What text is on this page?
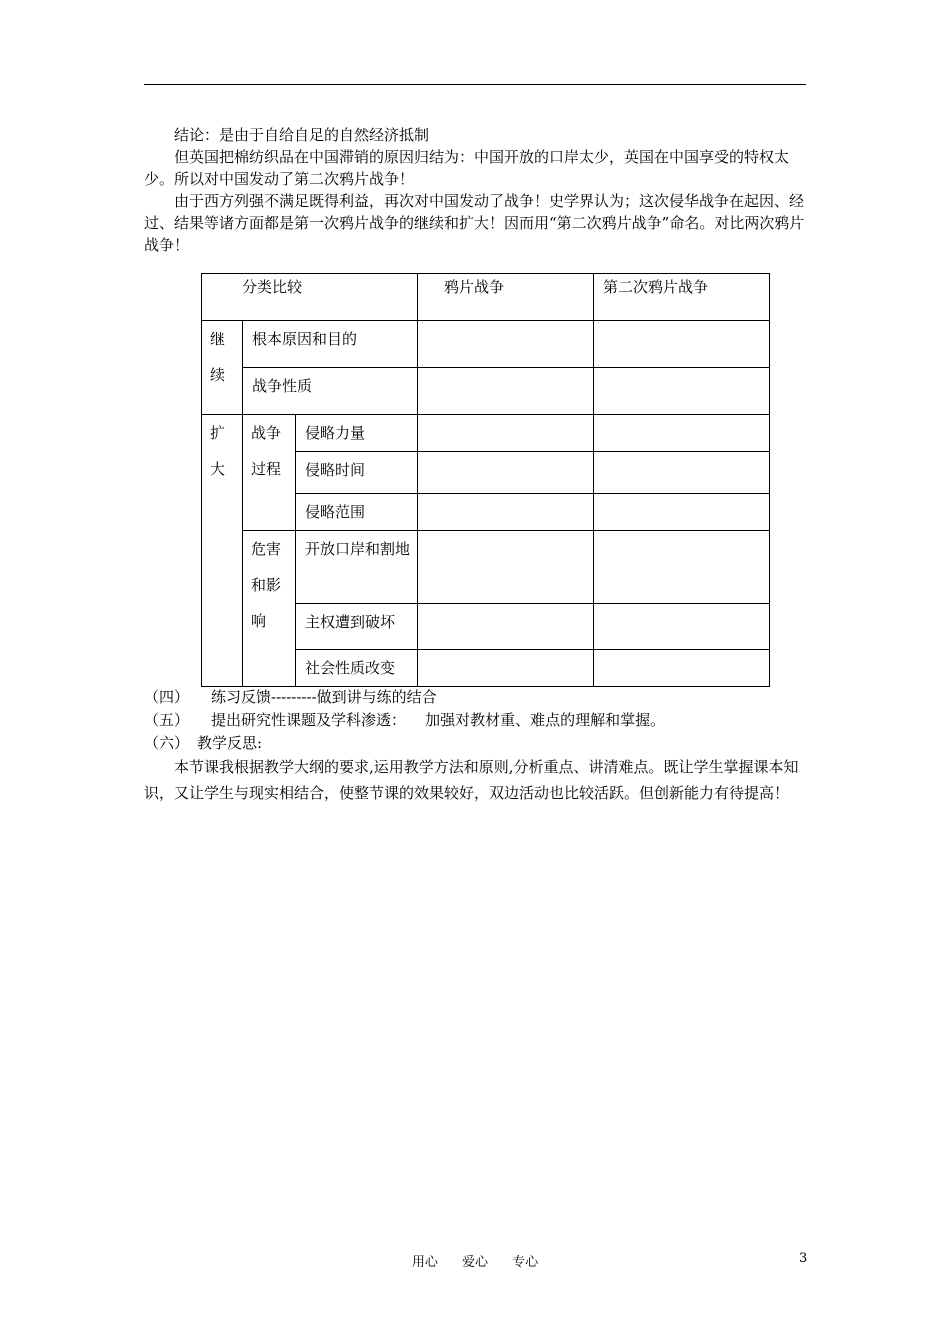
结论：是由于自给自足的自然经济抵制

但英国把棉纺织品在中国滞销的原因归结为：中国开放的口岸太少，英国在中国享受的特权太少。所以对中国发动了第二次鸦片战争！

由于西方列强不满足既得利益，再次对中国发动了战争！史学界认为；这次侵华战争在起因、经过、结果等诸方面都是第一次鸦片战争的继续和扩大！因而用“第二次鸦片战争”命名。对比两次鸦片战争！

分类比较			鸦片战争	第二次鸦片战争

继续	根本原因和目的			
	战争性质			

扩大	战争过程	侵略力量		
		侵略时间		
		侵略范围		

	危害和影响	开放口岸和割地		

		主权遭到破坏		
		社会性质改变		
（四） 练习反馈---------做到讲与练的结合
（五） 提出研究性课题及学科渗透：    加强对教材重、难点的理解和掌握。
（六） 教学反思:

本节课我根据教学大纲的要求,运用教学方法和原则,分析重点、讲清难点。既让学生掌握课本知识，又让学生与现实相结合，使整节课的效果较好，双边活动也比较活跃。但创新能力有待提高！

用心 爱心 专心	3
